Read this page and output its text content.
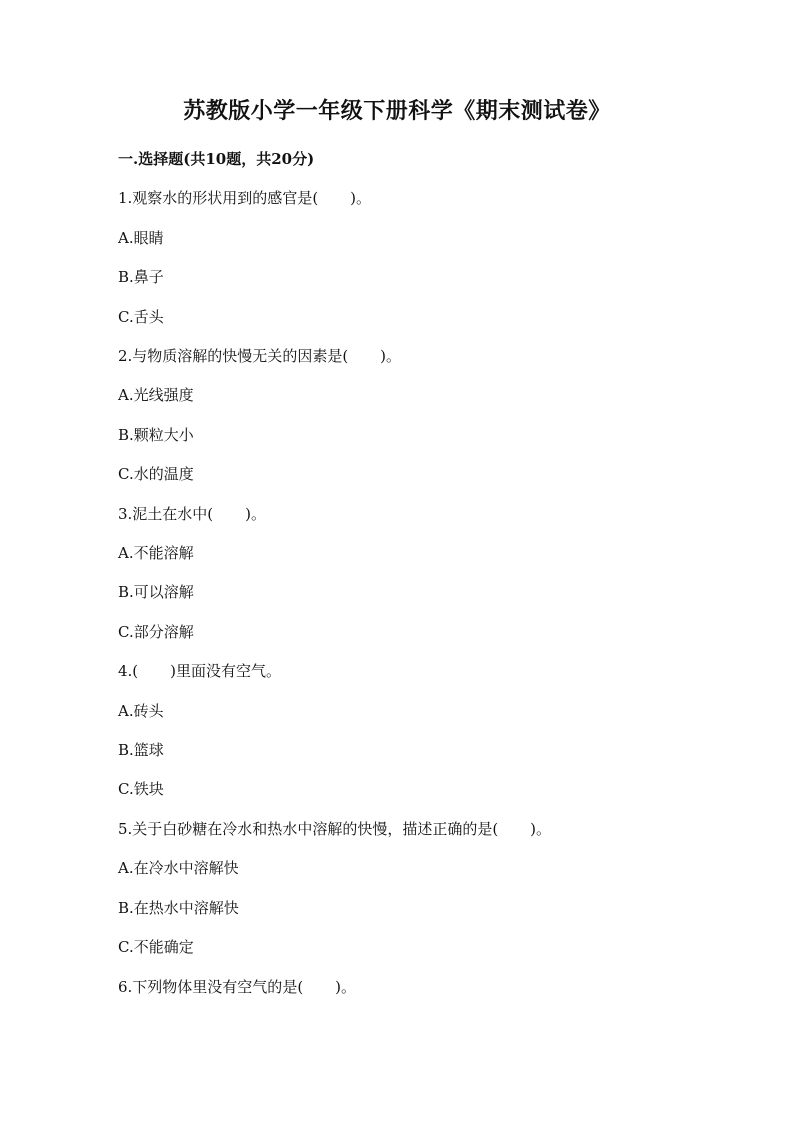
苏教版小学一年级下册科学《期末测试卷》
一.选择题(共10题，共20分)
1.观察水的形状用到的感官是( )。
A.眼睛
B.鼻子
C.舌头
2.与物质溶解的快慢无关的因素是( )。
A.光线强度
B.颗粒大小
C.水的温度
3.泥土在水中( )。
A.不能溶解
B.可以溶解
C.部分溶解
4.( )里面没有空气。
A.砖头
B.篮球
C.铁块
5.关于白砂糖在冷水和热水中溶解的快慢，描述正确的是( )。
A.在冷水中溶解快
B.在热水中溶解快
C.不能确定
6.下列物体里没有空气的是( )。
